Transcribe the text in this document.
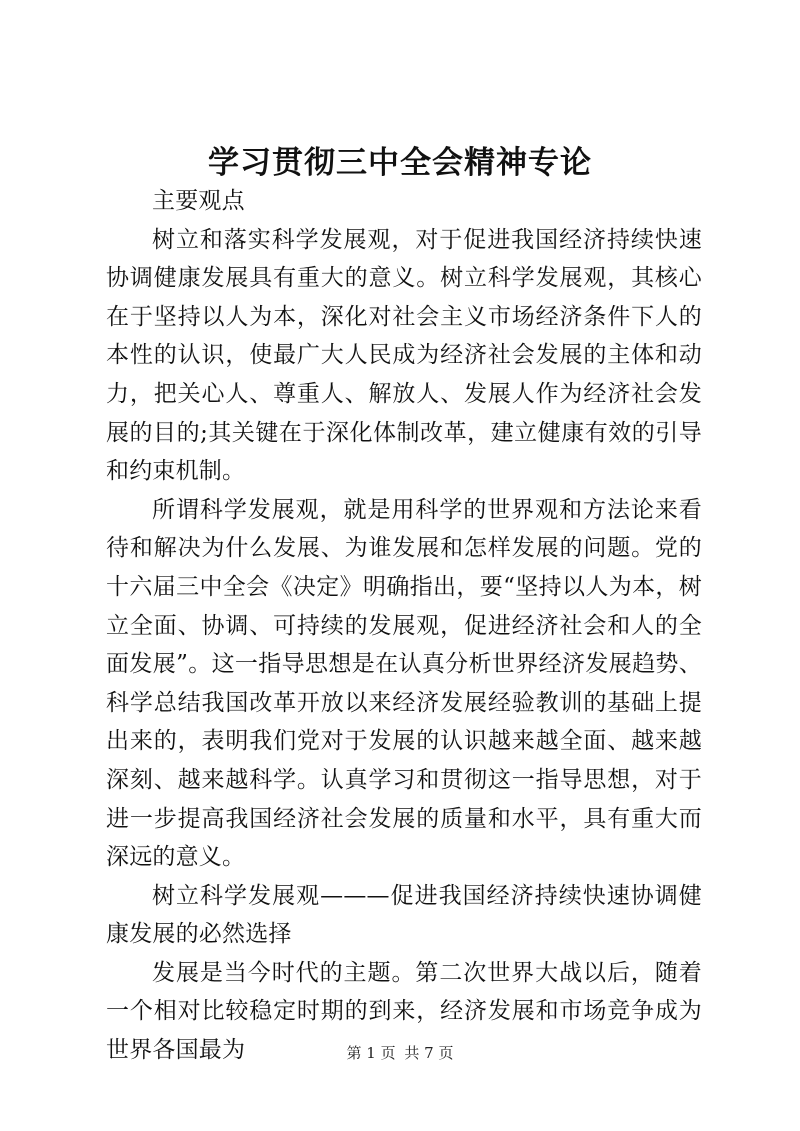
学习贯彻三中全会精神专论

主要观点

树立和落实科学发展观，对于促进我国经济持续快速协调健康发展具有重大的意义。树立科学发展观，其核心在于坚持以人为本，深化对社会主义市场经济条件下人的本性的认识，使最广大人民成为经济社会发展的主体和动力，把关心人、尊重人、解放人、发展人作为经济社会发展的目的;其关键在于深化体制改革，建立健康有效的引导和约束机制。

所谓科学发展观，就是用科学的世界观和方法论来看待和解决为什么发展、为谁发展和怎样发展的问题。党的十六届三中全会《决定》明确指出，要“坚持以人为本，树立全面、协调、可持续的发展观，促进经济社会和人的全面发展”。这一指导思想是在认真分析世界经济发展趋势、科学总结我国改革开放以来经济发展经验教训的基础上提出来的，表明我们党对于发展的认识越来越全面、越来越深刻、越来越科学。认真学习和贯彻这一指导思想，对于进一步提高我国经济社会发展的质量和水平，具有重大而深远的意义。

树立科学发展观———促进我国经济持续快速协调健康发展的必然选择

发展是当今时代的主题。第二次世界大战以后，随着一个相对比较稳定时期的到来，经济发展和市场竞争成为世界各国最为	第 1 页 共 7 页
